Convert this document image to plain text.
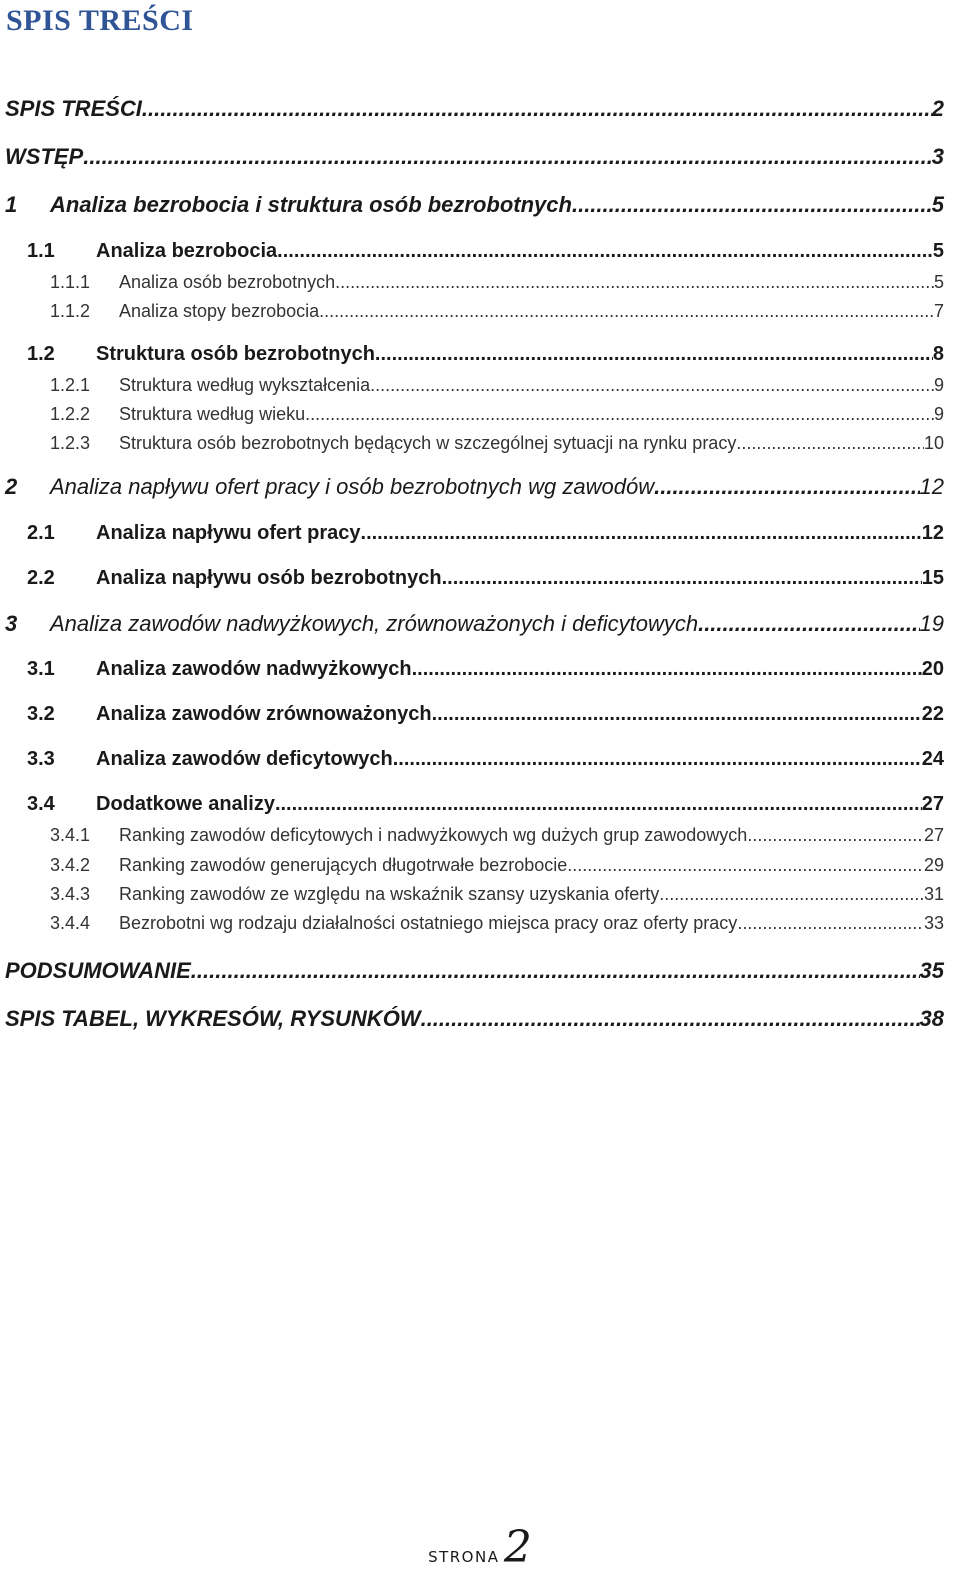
SPIS TREŚCI
SPIS TREŚCI .....	2
WSTĘP .....	3
1	Analiza bezrobocia i struktura osób bezrobotnych .....	5
1.1	Analiza bezrobocia .....	5
1.1.1	Analiza osób bezrobotnych .....	5
1.1.2	Analiza stopy bezrobocia .....	7
1.2	Struktura osób bezrobotnych .....	8
1.2.1	Struktura według wykształcenia .....	9
1.2.2	Struktura według wieku .....	9
1.2.3	Struktura osób bezrobotnych będących w szczególnej sytuacji na rynku pracy .....	10
2	Analiza napływu ofert pracy i osób bezrobotnych wg zawodów .....	12
2.1	Analiza napływu ofert pracy .....	12
2.2	Analiza napływu osób bezrobotnych .....	15
3	Analiza zawodów nadwyżkowych, zrównoważonych i deficytowych .....	19
3.1	Analiza zawodów nadwyżkowych .....	20
3.2	Analiza zawodów zrównoważonych .....	22
3.3	Analiza zawodów deficytowych .....	24
3.4	Dodatkowe analizy .....	27
3.4.1	Ranking zawodów deficytowych i nadwyżkowych wg dużych grup zawodowych .....	27
3.4.2	Ranking zawodów generujących długotrwałe bezrobocie .....	29
3.4.3	Ranking zawodów ze względu na wskaźnik szansy uzyskania oferty .....	31
3.4.4	Bezrobotni wg rodzaju działalności ostatniego miejsca pracy oraz oferty pracy .....	33
PODSUMOWANIE .....	35
SPIS TABEL, WYKRESÓW, RYSUNKÓW .....	38
STRONA 2
